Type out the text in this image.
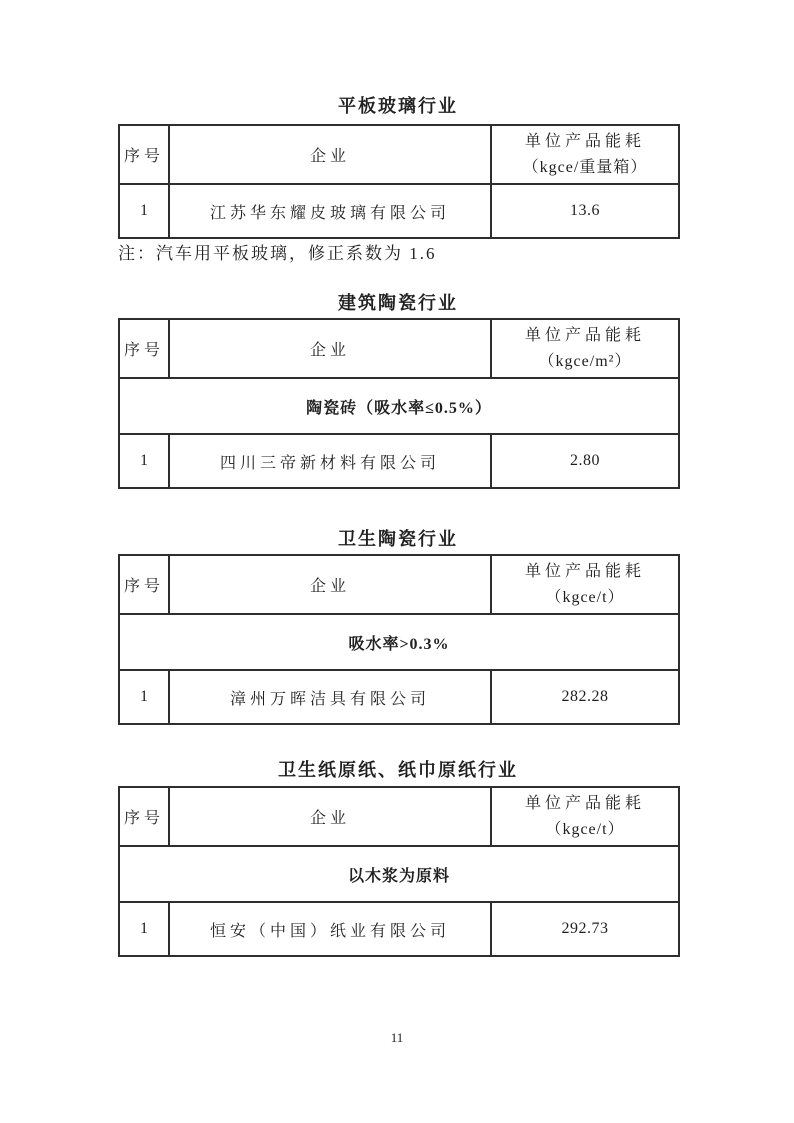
平板玻璃行业
序号	企业	单位产品能耗
（kgce/重量箱）

1	江苏华东耀皮玻璃有限公司	13.6
注：汽车用平板玻璃，修正系数为 1.6
建筑陶瓷行业
序号	企业	单位产品能耗
（kgce/m²）

陶瓷砖（吸水率≤0.5%）		
1	四川三帝新材料有限公司	2.80
卫生陶瓷行业
序号	企业	单位产品能耗
（kgce/t）

吸水率>0.3%		
1	漳州万晖洁具有限公司	282.28
卫生纸原纸、纸巾原纸行业
序号	企业	单位产品能耗
（kgce/t）

以木浆为原料		
1	恒安（中国）纸业有限公司	292.73
11
